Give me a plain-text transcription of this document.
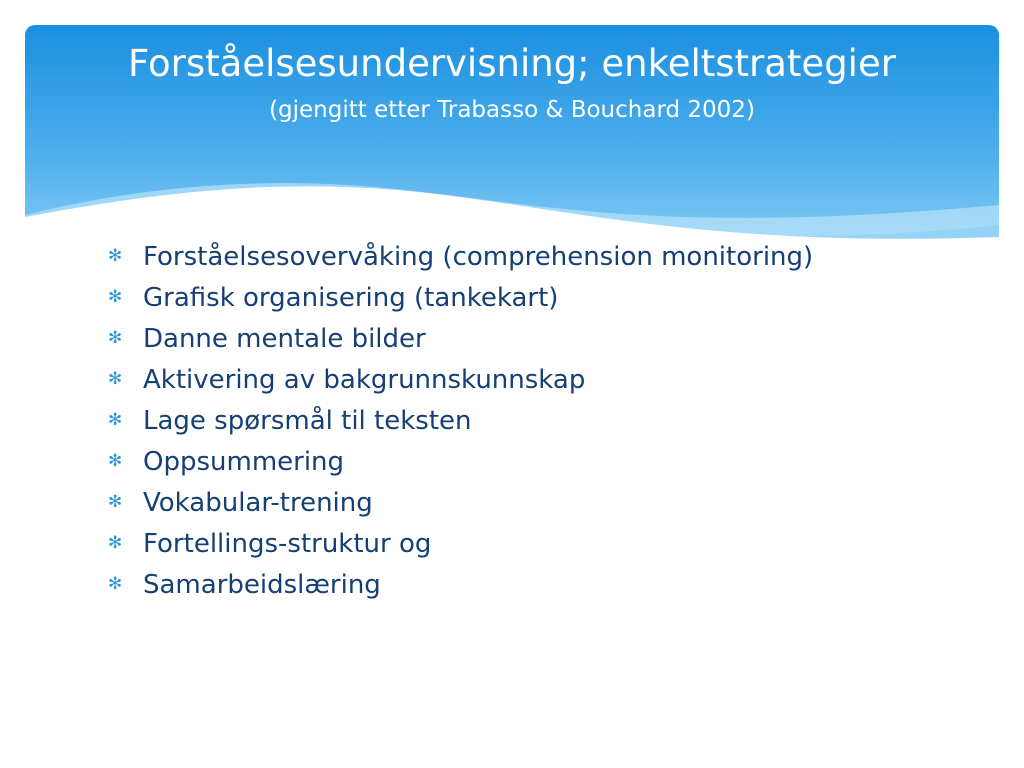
Forståelsesundervisning; enkeltstrategier
(gjengitt etter Trabasso & Bouchard 2002)
✻ Forståelsesovervåking (comprehension monitoring)
✻ Grafisk organisering (tankekart)
✻ Danne mentale bilder
✻ Aktivering av bakgrunnskunnskap
✻ Lage spørsmål til teksten
✻ Oppsummering
✻ Vokabular-trening
✻ Fortellings-struktur og
✻ Samarbeidslæring
